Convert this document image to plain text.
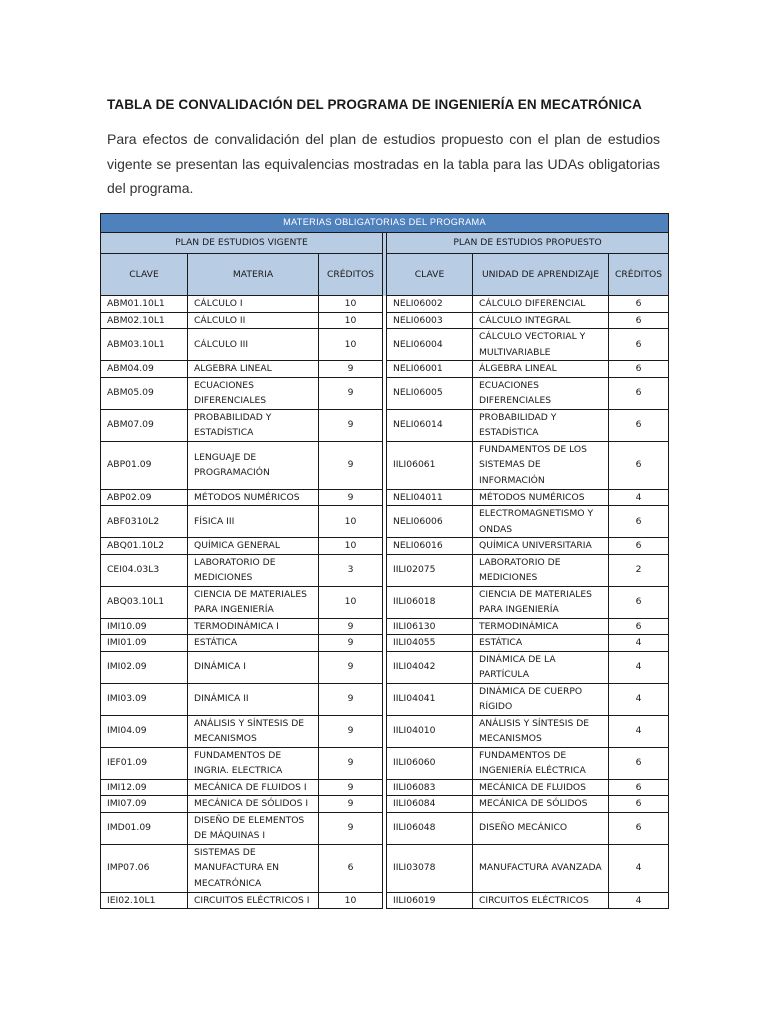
TABLA DE CONVALIDACIÓN DEL PROGRAMA DE INGENIERÍA EN MECATRÓNICA
Para efectos de convalidación del plan de estudios propuesto con el plan de estudios vigente se presentan las equivalencias mostradas en la tabla para las UDAs obligatorias del programa.
MATERIAS OBLIGATORIAS DEL PROGRAMA						
PLAN DE ESTUDIOS VIGENTE				PLAN DE ESTUDIOS PROPUESTO		
CLAVE	MATERIA	CRÉDITOS		CLAVE	UNIDAD DE APRENDIZAJE	CRÉDITOS
ABM01.10L1	CÁLCULO I	10		NELI06002	CÁLCULO DIFERENCIAL	6
ABM02.10L1	CÁLCULO II	10		NELI06003	CÁLCULO INTEGRAL	6
ABM03.10L1	CÁLCULO III	10		NELI06004	CÁLCULO VECTORIAL Y MULTIVARIABLE	6
ABM04.09	ALGEBRA LINEAL	9		NELI06001	ÁLGEBRA LINEAL	6
ABM05.09	ECUACIONES DIFERENCIALES	9		NELI06005	ECUACIONES DIFERENCIALES	6
ABM07.09	PROBABILIDAD Y ESTADÍSTICA	9		NELI06014	PROBABILIDAD Y ESTADÍSTICA	6
ABP01.09	LENGUAJE DE PROGRAMACIÓN	9		IILI06061	FUNDAMENTOS DE LOS SISTEMAS DE INFORMACIÓN	6
ABP02.09	MÉTODOS NUMÉRICOS	9		NELI04011	MÉTODOS NUMÉRICOS	4
ABF0310L2	FÍSICA III	10		NELI06006	ELECTROMAGNETISMO Y ONDAS	6
ABQ01.10L2	QUÍMICA GENERAL	10		NELI06016	QUÍMICA UNIVERSITARIA	6
CEI04.03L3	LABORATORIO DE MEDICIONES	3		IILI02075	LABORATORIO DE MEDICIONES	2
ABQ03.10L1	CIENCIA DE MATERIALES PARA INGENIERÍA	10		IILI06018	CIENCIA DE MATERIALES PARA INGENIERÍA	6
IMI10.09	TERMODINÁMICA I	9		IILI06130	TERMODINÁMICA	6
IMI01.09	ESTÁTICA	9		IILI04055	ESTÁTICA	4
IMI02.09	DINÁMICA I	9		IILI04042	DINÁMICA DE LA PARTÍCULA	4
IMI03.09	DINÁMICA II	9		IILI04041	DINÁMICA DE CUERPO RÍGIDO	4
IMI04.09	ANÁLISIS Y SÍNTESIS DE MECANISMOS	9		IILI04010	ANÁLISIS Y SÍNTESIS DE MECANISMOS	4
IEF01.09	FUNDAMENTOS DE INGRIA. ELECTRICA	9		IILI06060	FUNDAMENTOS DE INGENIERÍA ELÉCTRICA	6
IMI12.09	MECÁNICA DE FLUIDOS I	9		IILI06083	MECÁNICA DE FLUIDOS	6
IMI07.09	MECÁNICA DE SÓLIDOS I	9		IILI06084	MECÁNICA DE SÓLIDOS	6
IMD01.09	DISEÑO DE ELEMENTOS DE MÁQUINAS I	9		IILI06048	DISEÑO MECÁNICO	6
IMP07.06	SISTEMAS DE MANUFACTURA EN MECATRÓNICA	6		IILI03078	MANUFACTURA AVANZADA	4
IEI02.10L1	CIRCUITOS ELÉCTRICOS I	10		IILI06019	CIRCUITOS ELÉCTRICOS	4
